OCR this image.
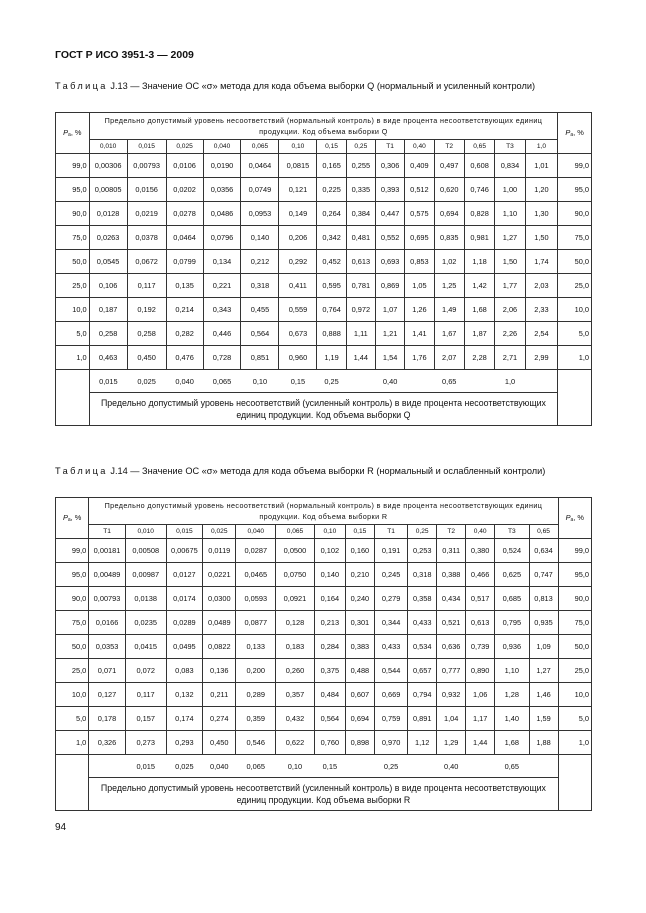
ГОСТ Р ИСО 3951-3 — 2009
Таблица J.13 — Значение ОС «σ» метода для кода объема выборки Q (нормальный и усиленный контроли)
$P_a$, %	Предельно допустимый уровень несоответствий (нормальный контроль) в виде процента несоответствующих единиц продукции. Код объема выборки Q														$P_a$, %
	0,010	0,015	0,025	0,040	0,065	0,10	0,15	0,25	T1	0,40	T2	0,65	T3	1,0	
99,0	0,00306	0,00793	0,0106	0,0190	0,0464	0,0815	0,165	0,255	0,306	0,409	0,497	0,608	0,834	1,01	99,0
95,0	0,00805	0,0156	0,0202	0,0356	0,0749	0,121	0,225	0,335	0,393	0,512	0,620	0,746	1,00	1,20	95,0
90,0	0,0128	0,0219	0,0278	0,0486	0,0953	0,149	0,264	0,384	0,447	0,575	0,694	0,828	1,10	1,30	90,0
75,0	0,0263	0,0378	0,0464	0,0796	0,140	0,206	0,342	0,481	0,552	0,695	0,835	0,981	1,27	1,50	75,0
50,0	0,0545	0,0672	0,0799	0,134	0,212	0,292	0,452	0,613	0,693	0,853	1,02	1,18	1,50	1,74	50,0
25,0	0,106	0,117	0,135	0,221	0,318	0,411	0,595	0,781	0,869	1,05	1,25	1,42	1,77	2,03	25,0
10,0	0,187	0,192	0,214	0,343	0,455	0,559	0,764	0,972	1,07	1,26	1,49	1,68	2,06	2,33	10,0
5,0	0,258	0,258	0,282	0,446	0,564	0,673	0,888	1,11	1,21	1,41	1,67	1,87	2,26	2,54	5,0
1,0	0,463	0,450	0,476	0,728	0,851	0,960	1,19	1,44	1,54	1,76	2,07	2,28	2,71	2,99	1,0
	0,015	0,025	0,040	0,065	0,10	0,15	0,25		0,40		0,65		1,0		
	Предельно допустимый уровень несоответствий (усиленный контроль) в виде процента несоответствующих единиц продукции. Код объема выборки Q														
Таблица J.14 — Значение ОС «σ» метода для кода объема выборки R (нормальный и ослабленный контроли)
$P_a$, %	Предельно допустимый уровень несоответствий (нормальный контроль) в виде процента несоответствующих единиц продукции. Код объема выборки R														$P_a$, %
	T1	0,010	0,015	0,025	0,040	0,065	0,10	0,15	T1	0,25	T2	0,40	T3	0,65	
99,0	0,00181	0,00508	0,00675	0,0119	0,0287	0,0500	0,102	0,160	0,191	0,253	0,311	0,380	0,524	0,634	99,0
95,0	0,00489	0,00987	0,0127	0,0221	0,0465	0,0750	0,140	0,210	0,245	0,318	0,388	0,466	0,625	0,747	95,0
90,0	0,00793	0,0138	0,0174	0,0300	0,0593	0,0921	0,164	0,240	0,279	0,358	0,434	0,517	0,685	0,813	90,0
75,0	0,0166	0,0235	0,0289	0,0489	0,0877	0,128	0,213	0,301	0,344	0,433	0,521	0,613	0,795	0,935	75,0
50,0	0,0353	0,0415	0,0495	0,0822	0,133	0,183	0,284	0,383	0,433	0,534	0,636	0,739	0,936	1,09	50,0
25,0	0,071	0,072	0,083	0,136	0,200	0,260	0,375	0,488	0,544	0,657	0,777	0,890	1,10	1,27	25,0
10,0	0,127	0,117	0,132	0,211	0,289	0,357	0,484	0,607	0,669	0,794	0,932	1,06	1,28	1,46	10,0
5,0	0,178	0,157	0,174	0,274	0,359	0,432	0,564	0,694	0,759	0,891	1,04	1,17	1,40	1,59	5,0
1,0	0,326	0,273	0,293	0,450	0,546	0,622	0,760	0,898	0,970	1,12	1,29	1,44	1,68	1,88	1,0
		0,015	0,025	0,040	0,065	0,10	0,15		0,25		0,40		0,65		
	Предельно допустимый уровень несоответствий (усиленный контроль) в виде процента несоответствующих единиц продукции. Код объема выборки R														
94
